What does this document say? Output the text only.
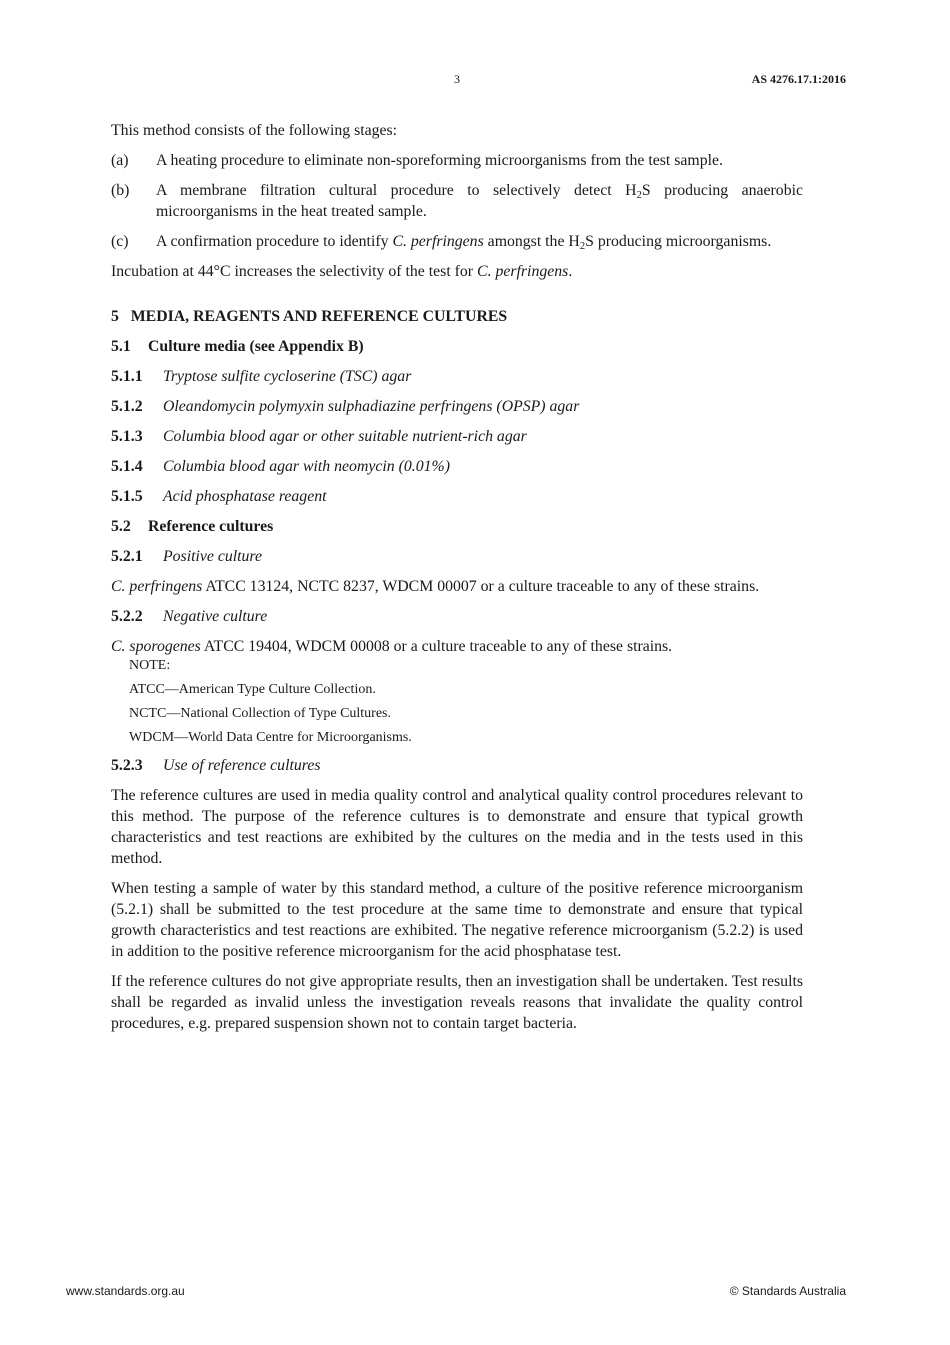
3	AS 4276.17.1:2016

This method consists of the following stages:

(a)	A heating procedure to eliminate non-sporeforming microorganisms from the test sample.
(b)	A membrane filtration cultural procedure to selectively detect $H_2S$ producing anaerobic microorganisms in the heat treated sample.
(c)	A confirmation procedure to identify C. perfringens amongst the $H_2S$ producing microorganisms.

Incubation at 44°C increases the selectivity of the test for C. perfringens.

5 MEDIA, REAGENTS AND REFERENCE CULTURES

5.1 Culture media (see Appendix B)

5.1.1 Tryptose sulfite cycloserine (TSC) agar

5.1.2 Oleandomycin polymyxin sulphadiazine perfringens (OPSP) agar

5.1.3 Columbia blood agar or other suitable nutrient-rich agar

5.1.4 Columbia blood agar with neomycin (0.01%)

5.1.5 Acid phosphatase reagent

5.2 Reference cultures

5.2.1 Positive culture

C. perfringens ATCC 13124, NCTC 8237, WDCM 00007 or a culture traceable to any of these strains.

5.2.2 Negative culture

C. sporogenes ATCC 19404, WDCM 00008 or a culture traceable to any of these strains.

NOTE:
ATCC—American Type Culture Collection.
NCTC—National Collection of Type Cultures.
WDCM—World Data Centre for Microorganisms.

5.2.3 Use of reference cultures

The reference cultures are used in media quality control and analytical quality control procedures relevant to this method. The purpose of the reference cultures is to demonstrate and ensure that typical growth characteristics and test reactions are exhibited by the cultures on the media and in the tests used in this method.

When testing a sample of water by this standard method, a culture of the positive reference microorganism (5.2.1) shall be submitted to the test procedure at the same time to demonstrate and ensure that typical growth characteristics and test reactions are exhibited. The negative reference microorganism (5.2.2) is used in addition to the positive reference microorganism for the acid phosphatase test.

If the reference cultures do not give appropriate results, then an investigation shall be undertaken. Test results shall be regarded as invalid unless the investigation reveals reasons that invalidate the quality control procedures, e.g. prepared suspension shown not to contain target bacteria.

www.standards.org.au	© Standards Australia
